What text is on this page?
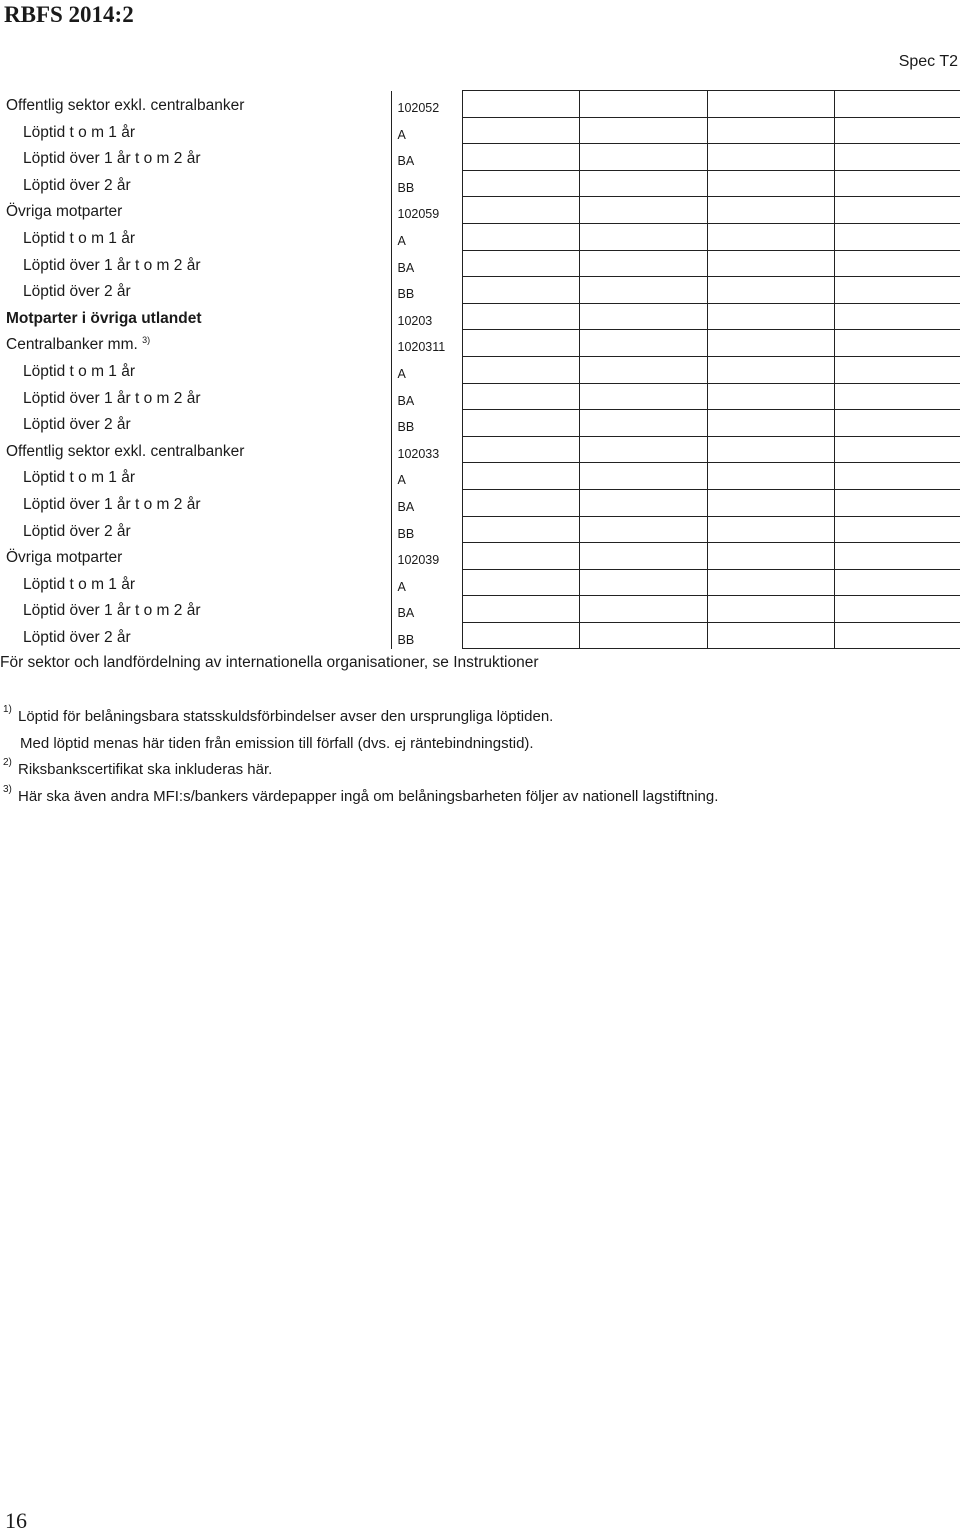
RBFS 2014:2
Spec T2
Offentlig sektor exkl. centralbanker	102052				
Löptid t o m 1 år	A				
Löptid över 1 år t o m 2 år	BA				
Löptid över 2 år	BB				
Övriga motparter	102059				
Löptid t o m 1 år	A				
Löptid över 1 år t o m 2 år	BA				
Löptid över 2 år	BB				
Motparter i övriga utlandet	10203				
Centralbanker mm. $^{3)}$	1020311				
Löptid t o m 1 år	A				
Löptid över 1 år t o m 2 år	BA				
Löptid över 2 år	BB				
Offentlig sektor exkl. centralbanker	102033				
Löptid t o m 1 år	A				
Löptid över 1 år t o m 2 år	BA				
Löptid över 2 år	BB				
Övriga motparter	102039				
Löptid t o m 1 år	A				
Löptid över 1 år t o m 2 år	BA				
Löptid över 2 år	BB				
För sektor och landfördelning av internationella organisationer, se Instruktioner
1) Löptid för belåningsbara statsskuldsförbindelser avser den ursprungliga löptiden.
Med löptid menas här tiden från emission till förfall (dvs. ej räntebindningstid).
2) Riksbankscertifikat ska inkluderas här.
3) Här ska även andra MFI:s/bankers värdepapper ingå om belåningsbarheten följer av nationell lagstiftning.
16
